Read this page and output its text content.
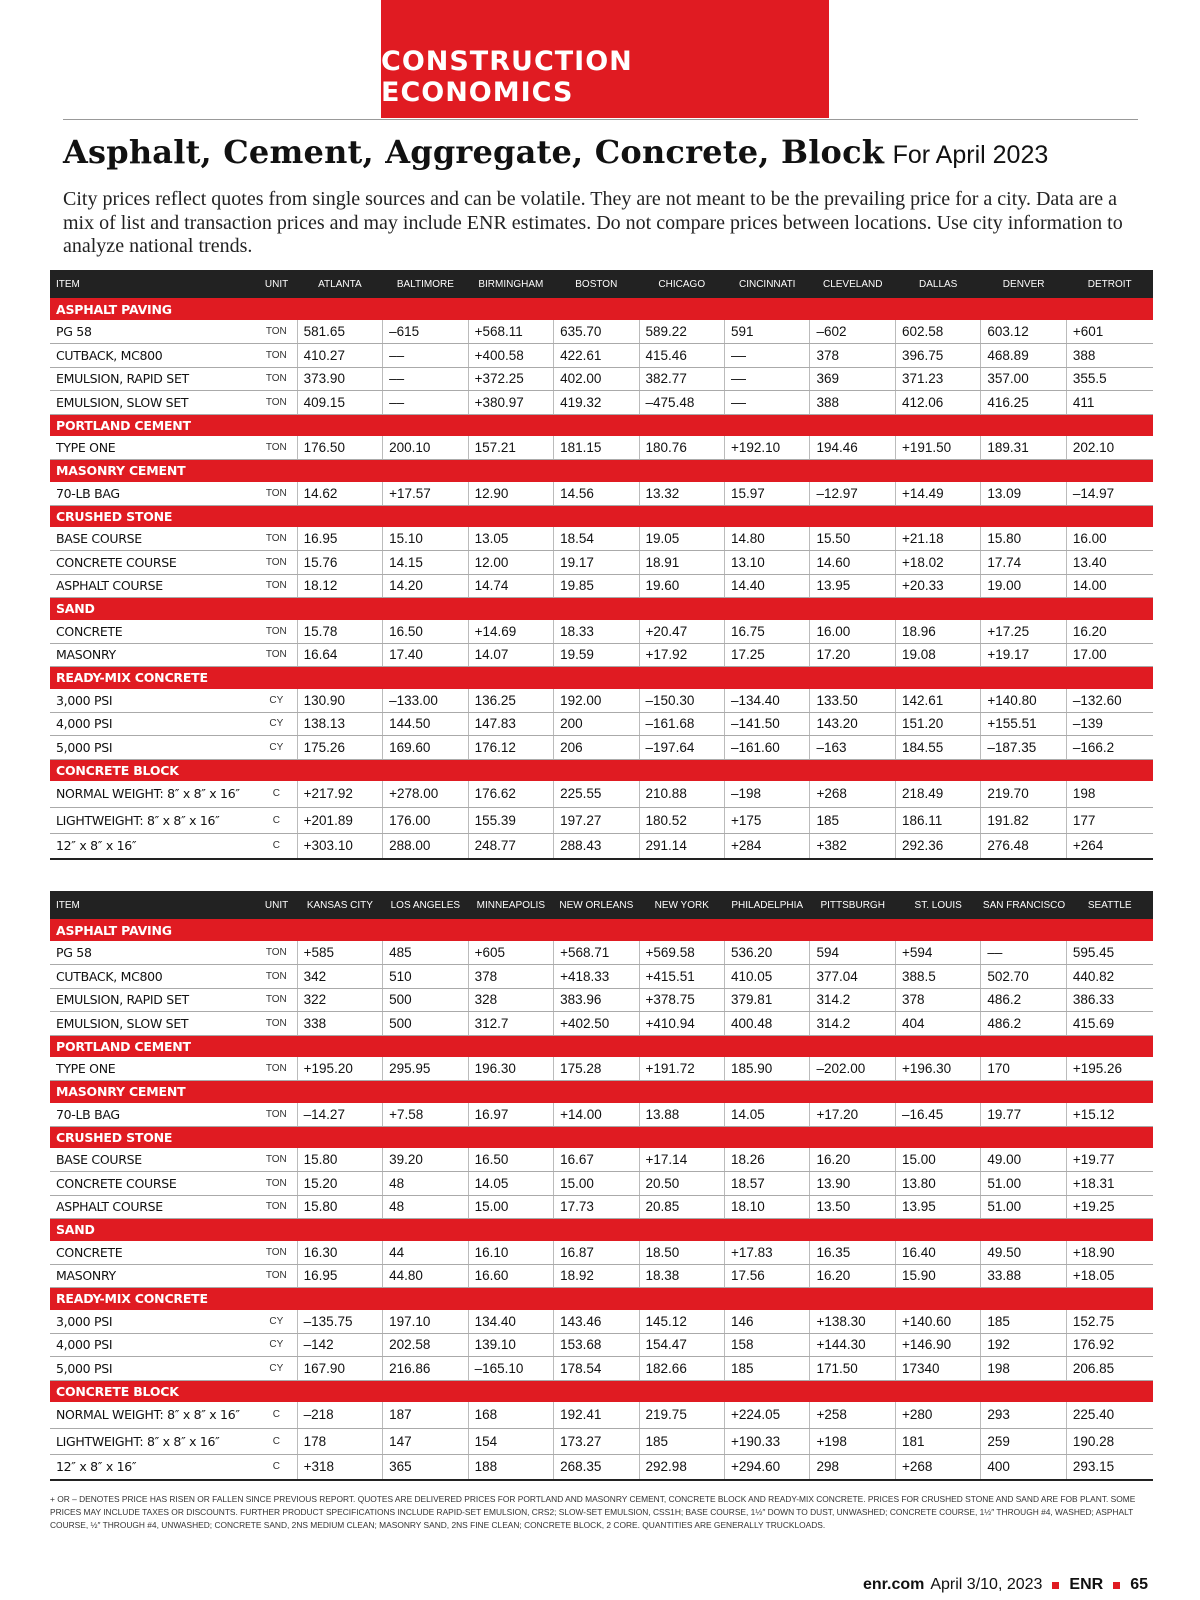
CONSTRUCTION ECONOMICS
Asphalt, Cement, Aggregate, Concrete, Block For April 2023

City prices reflect quotes from single sources and can be volatile. They are not meant to be the prevailing price for a city. Data are a mix of list and transaction prices and may include ENR estimates. Do not compare prices between locations. Use city information to analyze national trends.

ITEM	UNIT	ATLANTA	BALTIMORE	BIRMINGHAM	BOSTON	CHICAGO	CINCINNATI	CLEVELAND	DALLAS	DENVER	DETROIT
ASPHALT PAVING											
PG 58	TON	581.65	–615	+568.11	635.70	589.22	591	–602	602.58	603.12	+601
CUTBACK, MC800	TON	410.27	––	+400.58	422.61	415.46	––	378	396.75	468.89	388
EMULSION, RAPID SET	TON	373.90	––	+372.25	402.00	382.77	––	369	371.23	357.00	355.5
EMULSION, SLOW SET	TON	409.15	––	+380.97	419.32	–475.48	––	388	412.06	416.25	411
PORTLAND CEMENT											
TYPE ONE	TON	176.50	200.10	157.21	181.15	180.76	+192.10	194.46	+191.50	189.31	202.10
MASONRY CEMENT											
70-LB BAG	TON	14.62	+17.57	12.90	14.56	13.32	15.97	–12.97	+14.49	13.09	–14.97
CRUSHED STONE											
BASE COURSE	TON	16.95	15.10	13.05	18.54	19.05	14.80	15.50	+21.18	15.80	16.00
CONCRETE COURSE	TON	15.76	14.15	12.00	19.17	18.91	13.10	14.60	+18.02	17.74	13.40
ASPHALT COURSE	TON	18.12	14.20	14.74	19.85	19.60	14.40	13.95	+20.33	19.00	14.00
SAND											
CONCRETE	TON	15.78	16.50	+14.69	18.33	+20.47	16.75	16.00	18.96	+17.25	16.20
MASONRY	TON	16.64	17.40	14.07	19.59	+17.92	17.25	17.20	19.08	+19.17	17.00
READY-MIX CONCRETE											
3,000 PSI	CY	130.90	–133.00	136.25	192.00	–150.30	–134.40	133.50	142.61	+140.80	–132.60
4,000 PSI	CY	138.13	144.50	147.83	200	–161.68	–141.50	143.20	151.20	+155.51	–139
5,000 PSI	CY	175.26	169.60	176.12	206	–197.64	–161.60	–163	184.55	–187.35	–166.2
CONCRETE BLOCK											
NORMAL WEIGHT: 8″ x 8″ x 16″	C	+217.92	+278.00	176.62	225.55	210.88	–198	+268	218.49	219.70	198
LIGHTWEIGHT: 8″ x 8″ x 16″	C	+201.89	176.00	155.39	197.27	180.52	+175	185	186.11	191.82	177
12″ x 8″ x 16″	C	+303.10	288.00	248.77	288.43	291.14	+284	+382	292.36	276.48	+264
ITEM	UNIT	KANSAS CITY	LOS ANGELES	MINNEAPOLIS	NEW ORLEANS	NEW YORK	PHILADELPHIA	PITTSBURGH	ST. LOUIS	SAN FRANCISCO	SEATTLE
ASPHALT PAVING											
PG 58	TON	+585	485	+605	+568.71	+569.58	536.20	594	+594	––	595.45
CUTBACK, MC800	TON	342	510	378	+418.33	+415.51	410.05	377.04	388.5	502.70	440.82
EMULSION, RAPID SET	TON	322	500	328	383.96	+378.75	379.81	314.2	378	486.2	386.33
EMULSION, SLOW SET	TON	338	500	312.7	+402.50	+410.94	400.48	314.2	404	486.2	415.69
PORTLAND CEMENT											
TYPE ONE	TON	+195.20	295.95	196.30	175.28	+191.72	185.90	–202.00	+196.30	170	+195.26
MASONRY CEMENT											
70-LB BAG	TON	–14.27	+7.58	16.97	+14.00	13.88	14.05	+17.20	–16.45	19.77	+15.12
CRUSHED STONE											
BASE COURSE	TON	15.80	39.20	16.50	16.67	+17.14	18.26	16.20	15.00	49.00	+19.77
CONCRETE COURSE	TON	15.20	48	14.05	15.00	20.50	18.57	13.90	13.80	51.00	+18.31
ASPHALT COURSE	TON	15.80	48	15.00	17.73	20.85	18.10	13.50	13.95	51.00	+19.25
SAND											
CONCRETE	TON	16.30	44	16.10	16.87	18.50	+17.83	16.35	16.40	49.50	+18.90
MASONRY	TON	16.95	44.80	16.60	18.92	18.38	17.56	16.20	15.90	33.88	+18.05
READY-MIX CONCRETE											
3,000 PSI	CY	–135.75	197.10	134.40	143.46	145.12	146	+138.30	+140.60	185	152.75
4,000 PSI	CY	–142	202.58	139.10	153.68	154.47	158	+144.30	+146.90	192	176.92
5,000 PSI	CY	167.90	216.86	–165.10	178.54	182.66	185	171.50	17340	198	206.85
CONCRETE BLOCK											
NORMAL WEIGHT: 8″ x 8″ x 16″	C	–218	187	168	192.41	219.75	+224.05	+258	+280	293	225.40
LIGHTWEIGHT: 8″ x 8″ x 16″	C	178	147	154	173.27	185	+190.33	+198	181	259	190.28
12″ x 8″ x 16″	C	+318	365	188	268.35	292.98	+294.60	298	+268	400	293.15

+ OR – DENOTES PRICE HAS RISEN OR FALLEN SINCE PREVIOUS REPORT. QUOTES ARE DELIVERED PRICES FOR PORTLAND AND MASONRY CEMENT, CONCRETE BLOCK AND READY-MIX CONCRETE. PRICES FOR CRUSHED STONE AND SAND ARE FOB PLANT. SOME PRICES MAY INCLUDE TAXES OR DISCOUNTS. FURTHER PRODUCT SPECIFICATIONS INCLUDE RAPID-SET EMULSION, CRS2; SLOW-SET EMULSION, CSS1H; BASE COURSE, 1½″ DOWN TO DUST, UNWASHED; CONCRETE COURSE, 1½″ THROUGH #4, WASHED; ASPHALT COURSE, ½″ THROUGH #4, UNWASHED; CONCRETE SAND, 2NS MEDIUM CLEAN; MASONRY SAND, 2NS FINE CLEAN; CONCRETE BLOCK, 2 CORE. QUANTITIES ARE GENERALLY TRUCKLOADS.

enr.com April 3/10, 2023 ENR 65
